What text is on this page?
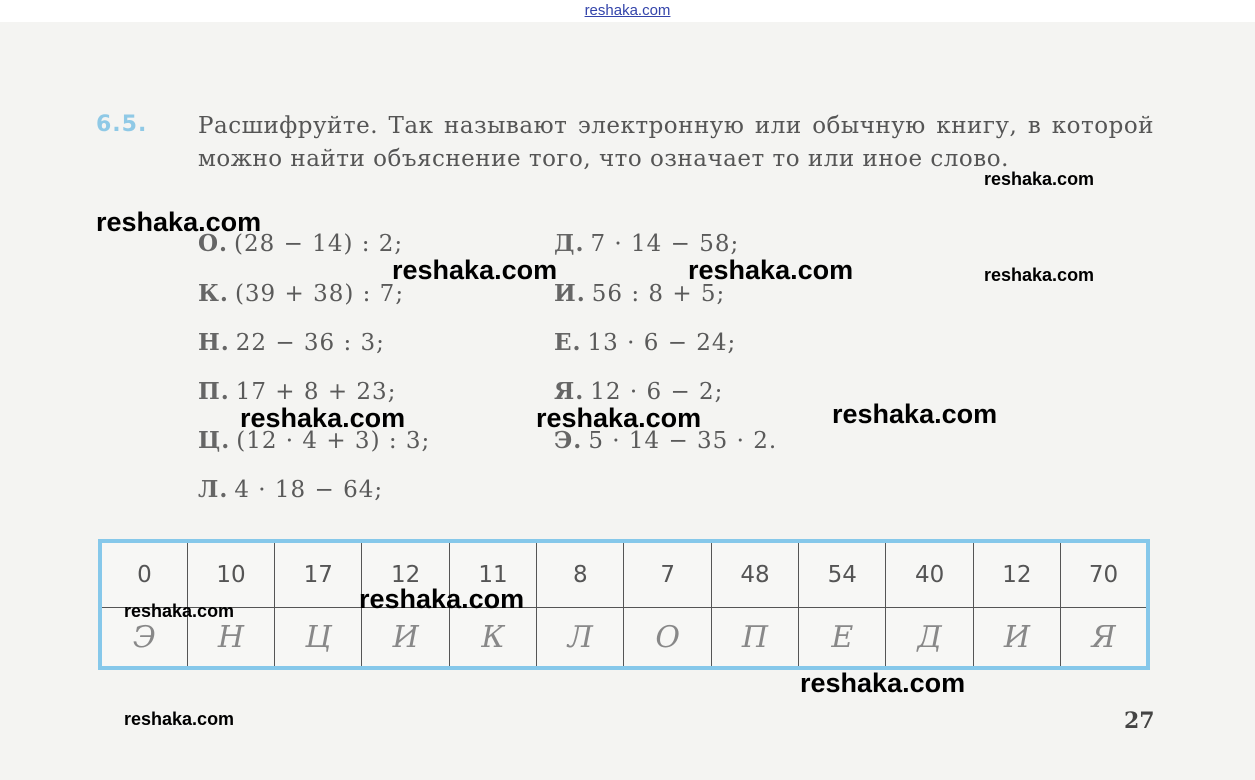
reshaka.com
6.5. Расшифруйте. Так называют электронную или обычную книгу, в которой можно найти объяснение того, что означает то или иное слово.
О. (28 − 14) : 2;
К. (39 + 38) : 7;
Н. 22 − 36 : 3;
П. 17 + 8 + 23;
Ц. (12 · 4 + 3) : 3;
Л. 4 · 18 − 64;
Д. 7 · 14 − 58;
И. 56 : 8 + 5;
Е. 13 · 6 − 24;
Я. 12 · 6 − 2;
Э. 5 · 14 − 35 · 2.
0	10	17	12	11	8	7	48	54	40	12	70
Э	Н	Ц	И	К	Л	О	П	Е	Д	И	Я
reshaka.com
reshaka.com
reshaka.com	reshaka.com	reshaka.com
reshaka.com	reshaka.com	reshaka.com
reshaka.com	reshaka.com
reshaka.com
reshaka.com	27
